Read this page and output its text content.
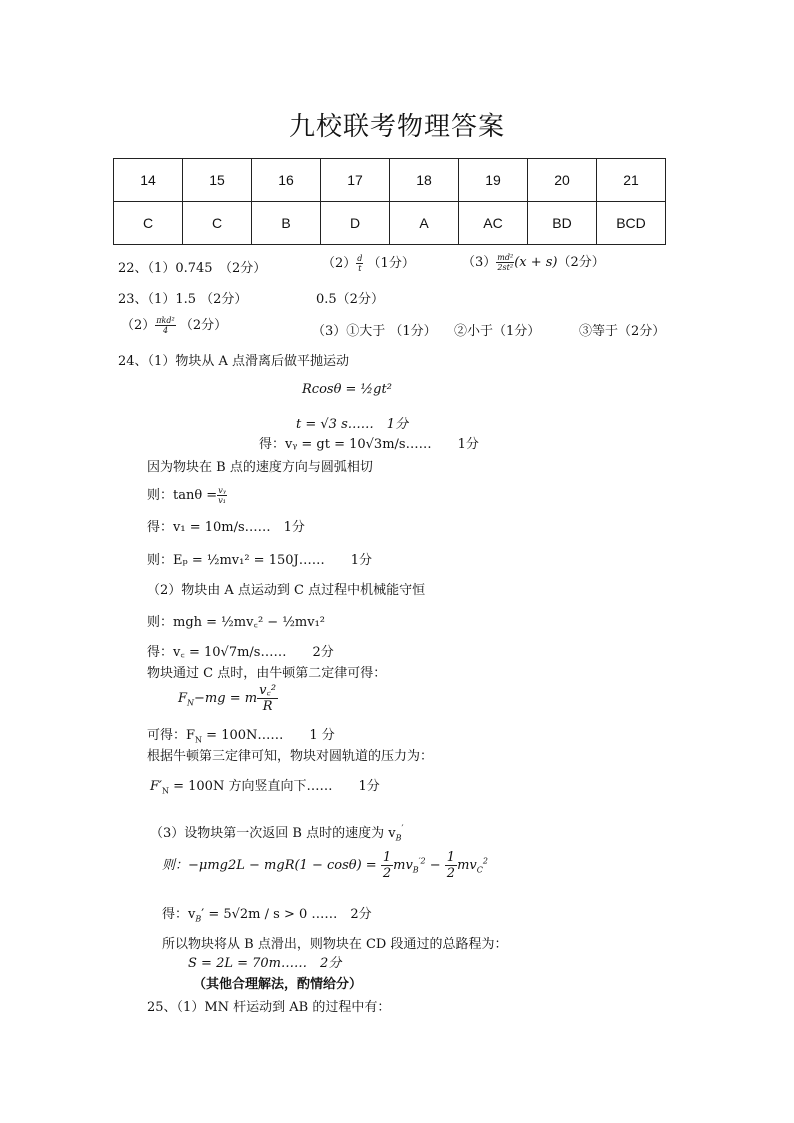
九校联考物理答案
14	15	16	17	18	19	20	21
C	C	B	D	A	AC	BD	BCD
22、（1）0.745　（2分）	$(2) \frac{d}{t} (1$分）	$(3) \frac{\text{md²}}{\text{2st²}} (x + s)(2$分）
23、（1）1.5 （2分）	0.5（2分）
$(2) \frac{\text{πkd²}}{4} (2$分）	（3）①大于 （1分） ②小于（1分）	③等于（2分）
24、（1）物块从 A 点滑离后做平抛运动
Rcosθ = ½gt²
t = √3 s……　1分
得：vᵧ = gt = 10√3m/s……　　1分
因为物块在 B 点的速度方向与圆弧相切
则：$\tan\theta = \frac{\text{vᵧ}}{\text{v₁}}$
得：v₁ = 10m/s……　1分
则：Eₚ = ½mv₁² = 150J……　　1分
（2）物块由 A 点运动到 C 点过程中机械能守恒
则：mgh = ½mv꜀² − ½mv₁²
得：v꜀ = 10√7m/s……　　2分
物块通过 C 点时，由牛顿第二定律可得：
$F_N-mg = m \frac{\text{v꜀²}}{R}$
可得：$F_N$ = 100N……　　1 分
根据牛顿第三定律可知，物块对圆轨道的压力为：
$F'_N = 100N$ 方向竖直向下……　　1分
（3）设物块第一次返回 B 点时的速度为 $v_B'$
则：$-\mu mg2L - mgR(1 - \cos\theta) = \frac{1}{2} mv_B^{'2} - \frac{1}{2} mv_C^2$
得：$v_B' = 5√2m / s > 0$ ……　2分
所以物块将从 B 点滑出，则物块在 CD 段通过的总路程为：
S = 2L = 70m……　2分
（其他合理解法，酌情给分）
25、（1）MN 杆运动到 AB 的过程中有：
